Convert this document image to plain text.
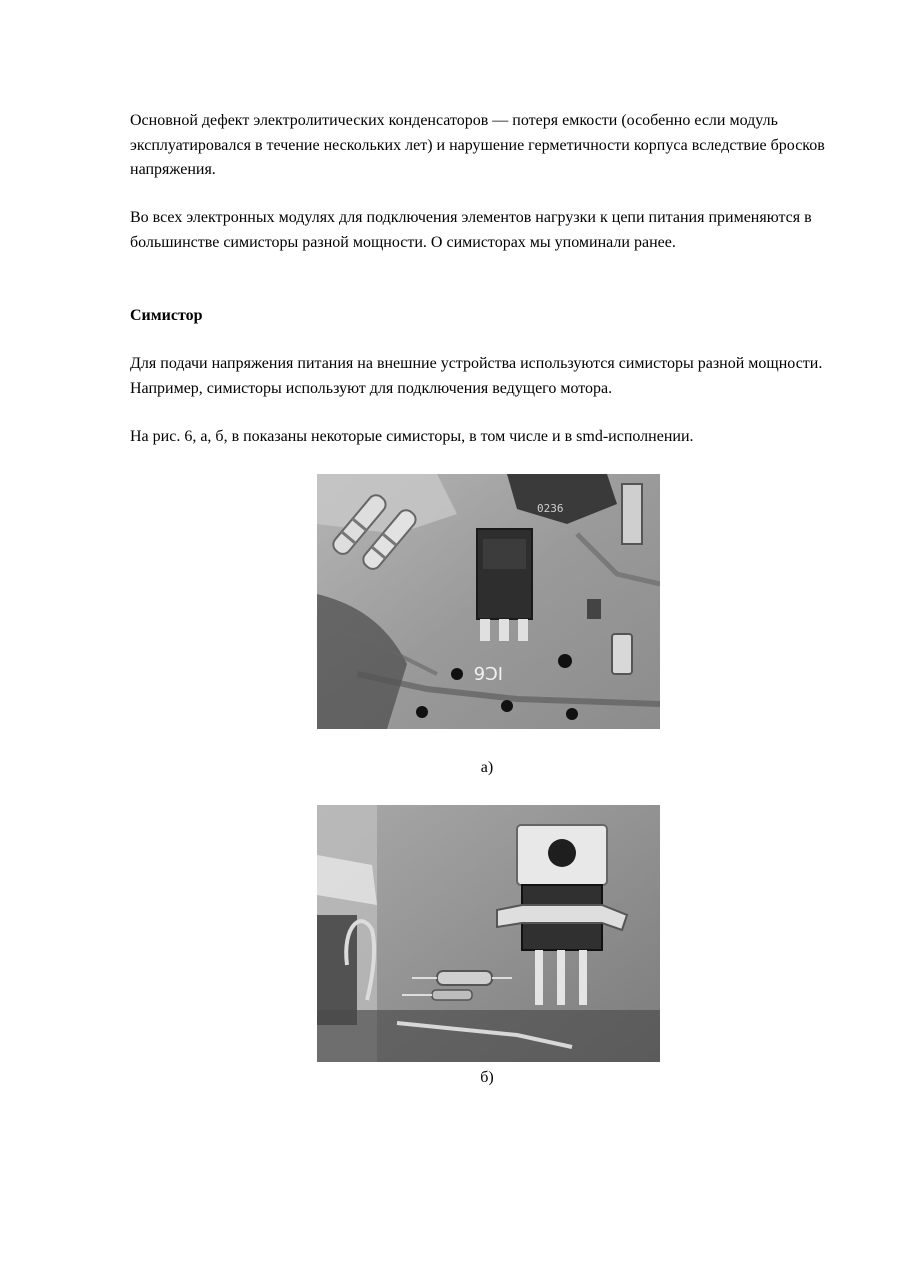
Основной дефект электролитических конденсаторов — потеря емкости (особенно если модуль эксплуатировался в течение нескольких лет) и нарушение герметичности корпуса вследствие бросков напряжения.

Во всех электронных модулях для подключения элементов нагрузки к цепи питания применяются в большинстве симисторы разной мощности. О симисторах мы упоминали ранее.

Симистор

Для подачи напряжения питания на внешние устройства используются симисторы разной мощности. Например, симисторы используют для подключения ведущего мотора.

На рис. 6, а, б, в показаны некоторые симисторы, в том числе и в smd-исполнении.

0236
IC6

а)

б)
